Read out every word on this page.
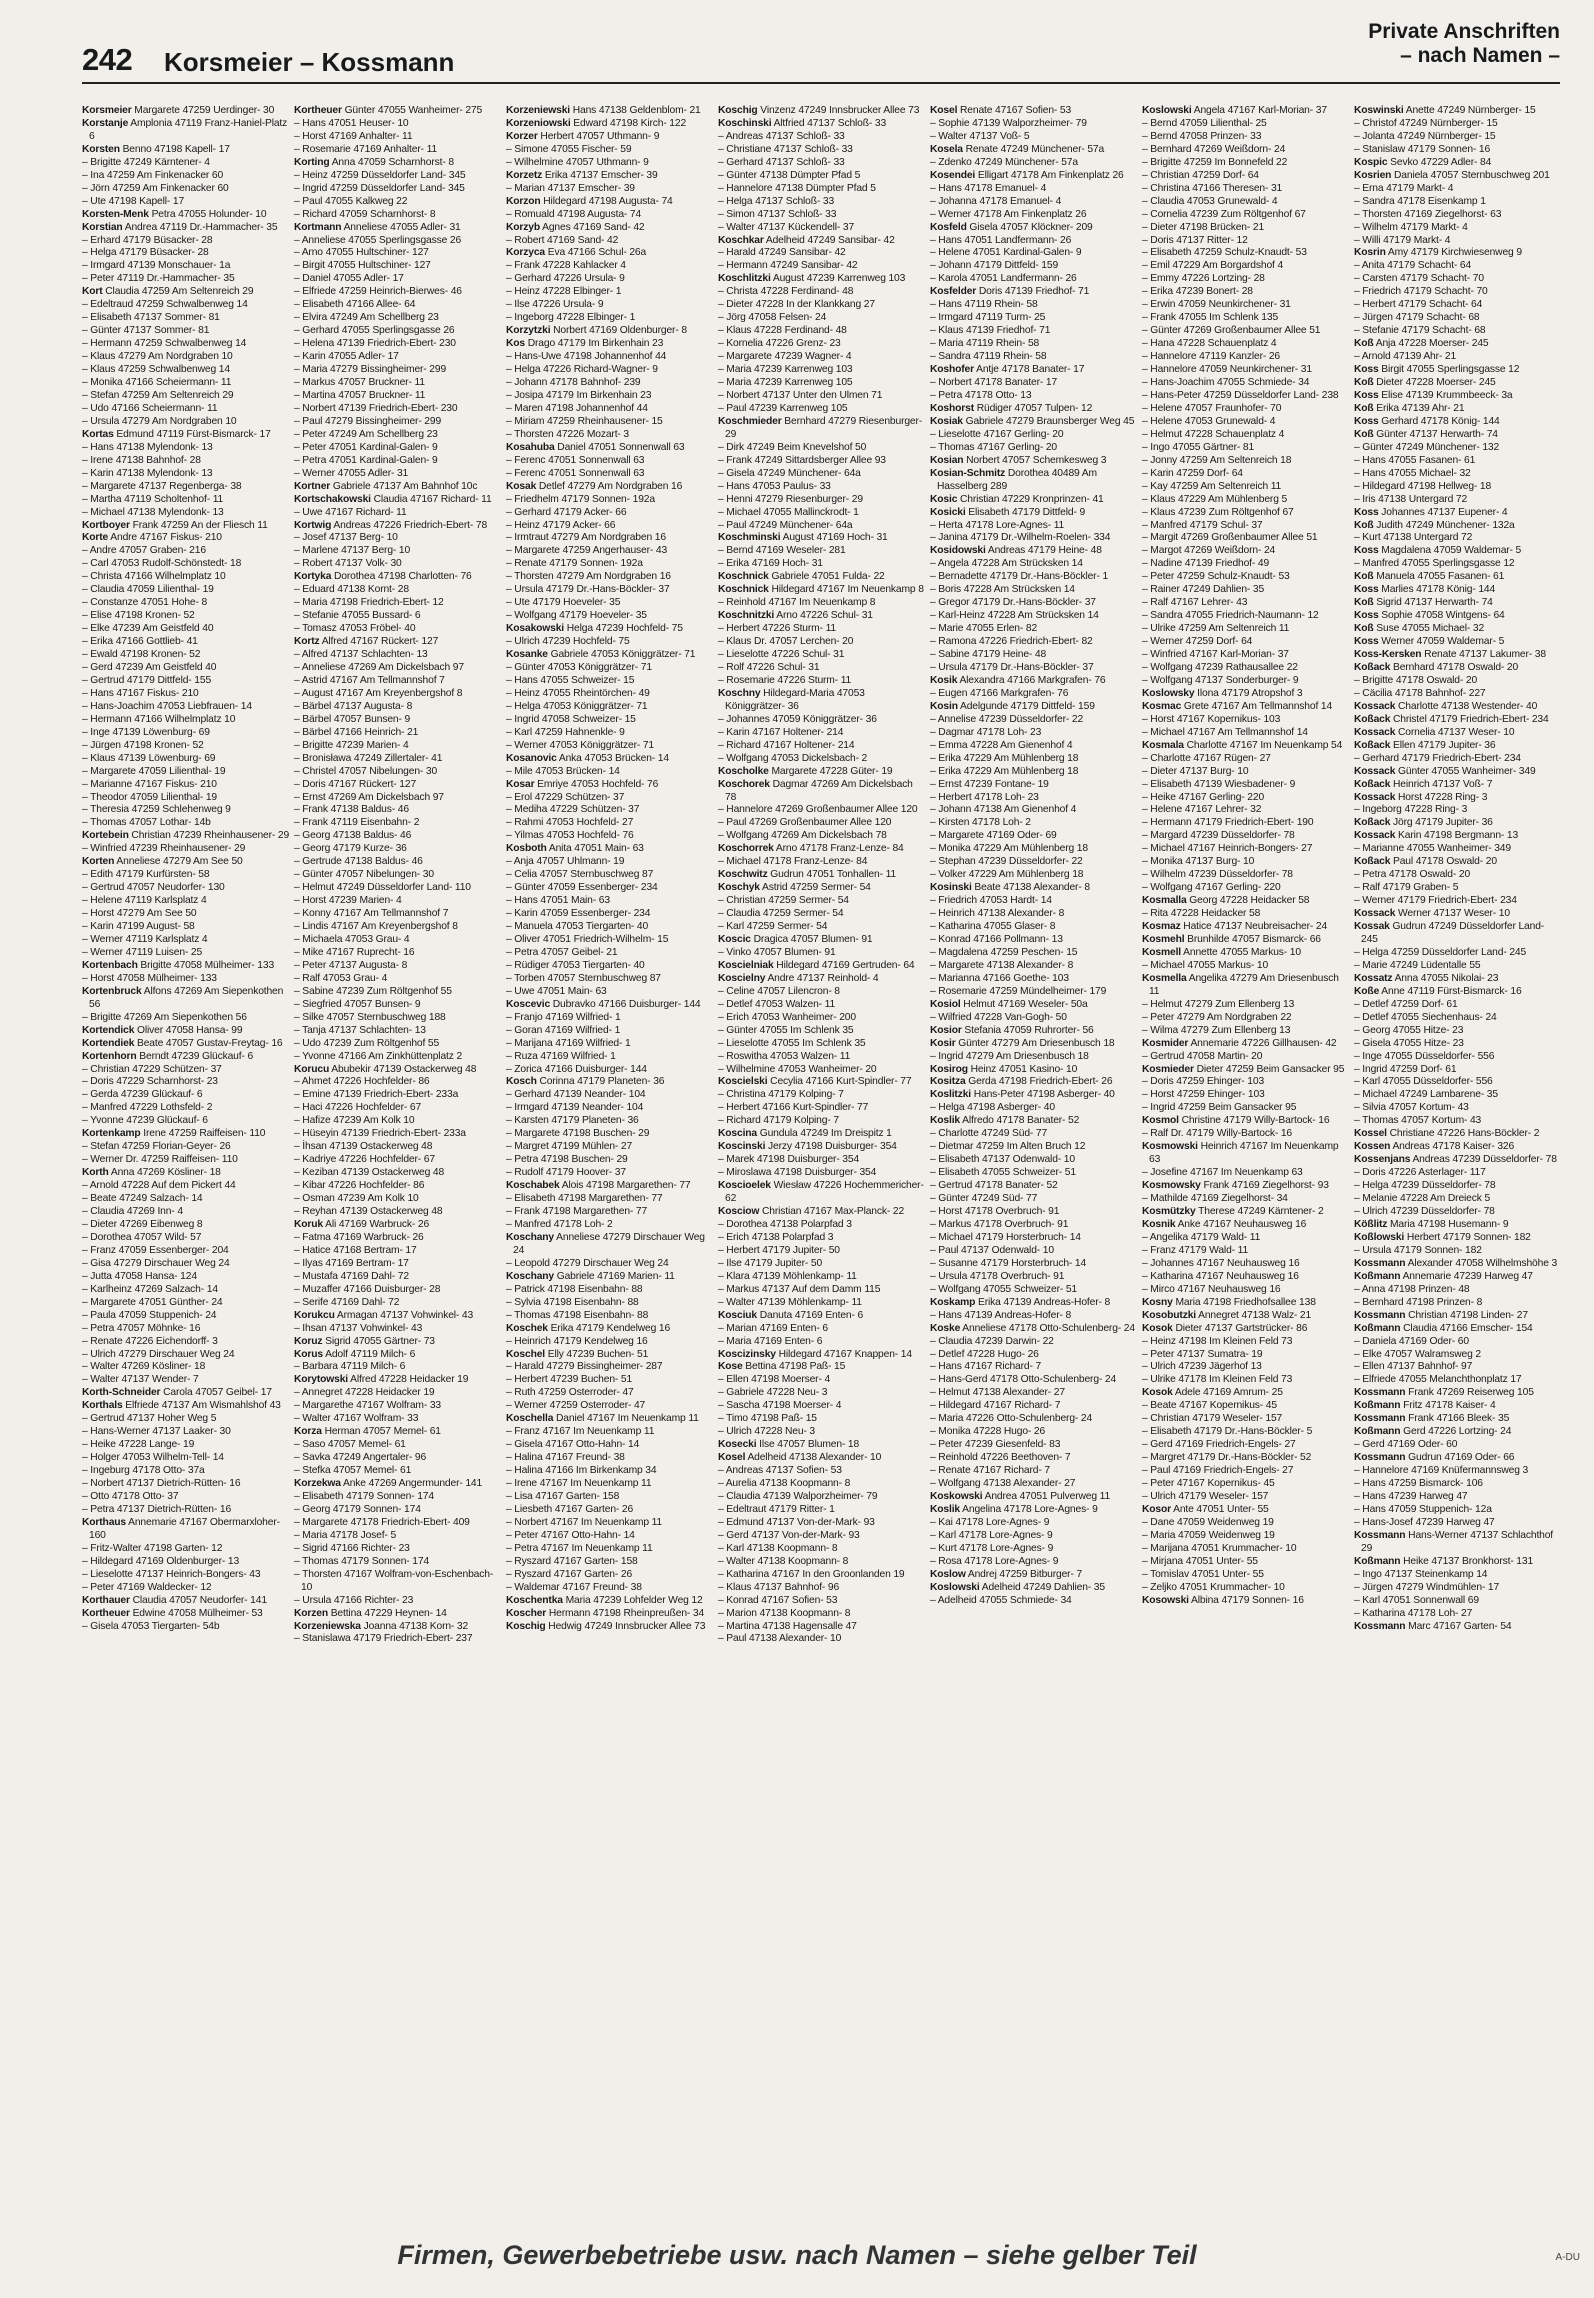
242 Korsmeier – Kossmann
Private Anschriften
– nach Namen –

Korsmeier Margarete 47259 Uerdinger- 30

Korstanje Amplonia 47119 Franz-Haniel-Platz 6

Korsten Benno 47198 Kapell- 17

– Brigitte 47249 Kärntener- 4

– Ina 47259 Am Finkenacker 60

– Jörn 47259 Am Finkenacker 60

– Ute 47198 Kapell- 17

Korsten-Menk Petra 47055 Holunder- 10

Korstian Andrea 47119 Dr.-Hammacher- 35

– Erhard 47179 Büsacker- 28

– Helga 47179 Büsacker- 28

– Irmgard 47139 Monschauer- 1a

– Peter 47119 Dr.-Hammacher- 35

Kort Claudia 47259 Am Seltenreich 29

– Edeltraud 47259 Schwalbenweg 14

– Elisabeth 47137 Sommer- 81

– Günter 47137 Sommer- 81

– Hermann 47259 Schwalbenweg 14

– Klaus 47279 Am Nordgraben 10

– Klaus 47259 Schwalbenweg 14

– Monika 47166 Scheiermann- 11

– Stefan 47259 Am Seltenreich 29

– Udo 47166 Scheiermann- 11

– Ursula 47279 Am Nordgraben 10

Kortas Edmund 47119 Fürst-Bismarck- 17

– Hans 47138 Mylendonk- 13

– Irene 47138 Bahnhof- 28

– Karin 47138 Mylendonk- 13

– Margarete 47137 Regenberga- 38

– Martha 47119 Scholtenhof- 11

– Michael 47138 Mylendonk- 13

Kortboyer Frank 47259 An der Fliesch 11

Korte Andre 47167 Fiskus- 210

– Andre 47057 Graben- 216

– Carl 47053 Rudolf-Schönstedt- 18

– Christa 47166 Wilhelmplatz 10

– Claudia 47059 Lilienthal- 19

– Constanze 47051 Hohe- 8

– Elise 47198 Kronen- 52

– Elke 47239 Am Geistfeld 40

– Erika 47166 Gottlieb- 41

– Ewald 47198 Kronen- 52

– Gerd 47239 Am Geistfeld 40

– Gertrud 47179 Dittfeld- 155

– Hans 47167 Fiskus- 210

– Hans-Joachim 47053 Liebfrauen- 14

– Hermann 47166 Wilhelmplatz 10

– Inge 47139 Löwenburg- 69

– Jürgen 47198 Kronen- 52

– Klaus 47139 Löwenburg- 69

– Margarete 47059 Lilienthal- 19

– Marianne 47167 Fiskus- 210

– Theodor 47059 Lilienthal- 19

– Theresia 47259 Schlehenweg 9

– Thomas 47057 Lothar- 14b

Kortebein Christian 47239 Rheinhausener- 29

– Winfried 47239 Rheinhausener- 29

Korten Anneliese 47279 Am See 50

– Edith 47179 Kurfürsten- 58

– Gertrud 47057 Neudorfer- 130

– Helene 47119 Karlsplatz 4

– Horst 47279 Am See 50

– Karin 47199 August- 58

– Werner 47119 Karlsplatz 4

– Werner 47119 Luisen- 25

Kortenbach Brigitte 47058 Mülheimer- 133

– Horst 47058 Mülheimer- 133

Kortenbruck Alfons 47269 Am Siepenkothen 56

– Brigitte 47269 Am Siepenkothen 56

Kortendick Oliver 47058 Hansa- 99

Kortendiek Beate 47057 Gustav-Freytag- 16

Kortenhorn Berndt 47239 Glückauf- 6

– Christian 47229 Schützen- 37

– Doris 47229 Scharnhorst- 23

– Gerda 47239 Glückauf- 6

– Manfred 47229 Lothsfeld- 2

– Yvonne 47239 Glückauf- 6

Kortenkamp Irene 47259 Raiffeisen- 110

– Stefan 47259 Florian-Geyer- 26

– Werner Dr. 47259 Raiffeisen- 110

Korth Anna 47269 Kösliner- 18

– Arnold 47228 Auf dem Pickert 44

– Beate 47249 Salzach- 14

– Claudia 47269 Inn- 4

– Dieter 47269 Eibenweg 8

– Dorothea 47057 Wild- 57

– Franz 47059 Essenberger- 204

– Gisa 47279 Dirschauer Weg 24

– Jutta 47058 Hansa- 124

– Karlheinz 47269 Salzach- 14

– Margarete 47051 Günther- 24

– Paula 47059 Stuppenich- 24

– Petra 47057 Möhnke- 16

– Renate 47226 Eichendorff- 3

– Ulrich 47279 Dirschauer Weg 24

– Walter 47269 Kösliner- 18

– Walter 47137 Wender- 7

Korth-Schneider Carola 47057 Geibel- 17

Korthals Elfriede 47137 Am Wismahlshof 43

– Gertrud 47137 Hoher Weg 5

– Hans-Werner 47137 Laaker- 30

– Heike 47228 Lange- 19

– Holger 47053 Wilhelm-Tell- 14

– Ingeburg 47178 Otto- 37a

– Norbert 47137 Dietrich-Rütten- 16

– Otto 47178 Otto- 37

– Petra 47137 Dietrich-Rütten- 16

Korthaus Annemarie 47167 Obermarxloher- 160

– Fritz-Walter 47198 Garten- 12

– Hildegard 47169 Oldenburger- 13

– Lieselotte 47137 Heinrich-Bongers- 43

– Peter 47169 Waldecker- 12

Korthauer Claudia 47057 Neudorfer- 141

Kortheuer Edwine 47058 Mülheimer- 53

– Gisela 47053 Tiergarten- 54b

Korthеuer Günter 47055 Wanheimer- 275

– Hans 47051 Heuser- 10

– Horst 47169 Anhalter- 11

– Rosemarie 47169 Anhalter- 11

Korting Anna 47059 Scharnhorst- 8

– Heinz 47259 Düsseldorfer Land- 345

– Ingrid 47259 Düsseldorfer Land- 345

– Paul 47055 Kalkweg 22

– Richard 47059 Scharnhorst- 8

Kortmann Anneliese 47055 Adler- 31

– Anneliese 47055 Sperlingsgasse 26

– Arno 47055 Hultschiner- 127

– Birgit 47055 Hultschiner- 127

– Daniel 47055 Adler- 17

– Elfriede 47259 Heinrich-Bierwes- 46

– Elisabeth 47166 Allee- 64

– Elvira 47249 Am Schellberg 23

– Gerhard 47055 Sperlingsgasse 26

– Helena 47139 Friedrich-Ebert- 230

– Karin 47055 Adler- 17

– Maria 47279 Bissingheimer- 299

– Markus 47057 Bruckner- 11

– Martina 47057 Bruckner- 11

– Norbert 47139 Friedrich-Ebert- 230

– Paul 47279 Bissingheimer- 299

– Peter 47249 Am Schellberg 23

– Peter 47051 Kardinal-Galen- 9

– Petra 47051 Kardinal-Galen- 9

– Werner 47055 Adler- 31

Kortner Gabriele 47137 Am Bahnhof 10c

Kortschakowski Claudia 47167 Richard- 11

– Uwe 47167 Richard- 11

Kortwig Andreas 47226 Friedrich-Ebert- 78

– Josef 47137 Berg- 10

– Marlene 47137 Berg- 10

– Robert 47137 Volk- 30

Kortyka Dorothea 47198 Charlotten- 76

– Eduard 47138 Kornt- 28

– Maria 47198 Friedrich-Ebert- 12

– Stefanie 47055 Bussard- 6

– Tomasz 47053 Fröbel- 40

Kortz Alfred 47167 Rückert- 127

– Alfred 47137 Schlachten- 13

– Anneliese 47269 Am Dickelsbach 97

– Astrid 47167 Am Tellmannshof 7

– August 47167 Am Kreyenbergshof 8

– Bärbel 47137 Augusta- 8

– Bärbel 47057 Bunsen- 9

– Bärbel 47166 Heinrich- 21

– Brigitte 47239 Marien- 4

– Bronisława 47249 Zillertaler- 41

– Christel 47057 Nibelungen- 30

– Doris 47167 Rückert- 127

– Ernst 47269 Am Dickelsbach 97

– Frank 47138 Baldus- 46

– Frank 47119 Eisenbahn- 2

– Georg 47138 Baldus- 46

– Georg 47179 Kurze- 36

– Gertrude 47138 Baldus- 46

– Günter 47057 Nibelungen- 30

– Helmut 47249 Düsseldorfer Land- 110

– Horst 47239 Marien- 4

– Konny 47167 Am Tellmannshof 7

– Lindis 47167 Am Kreyenbergshof 8

– Michaela 47053 Grau- 4

– Mike 47167 Ruprecht- 16

– Peter 47137 Augusta- 8

– Ralf 47053 Grau- 4

– Sabine 47239 Zum Röltgenhof 55

– Siegfried 47057 Bunsen- 9

– Silke 47057 Sternbuschweg 188

– Tanja 47137 Schlachten- 13

– Udo 47239 Zum Röltgenhof 55

– Yvonne 47166 Am Zinkhüttenplatz 2

Korucu Abubekir 47139 Ostackerweg 48

– Ahmet 47226 Hochfelder- 86

– Emine 47139 Friedrich-Ebert- 233a

– Haci 47226 Hochfelder- 67

– Hafize 47239 Am Kolk 10

– Hüseyin 47139 Friedrich-Ebert- 233a

– İhsan 47139 Ostackerweg 48

– Kadriye 47226 Hochfelder- 67

– Keziban 47139 Ostackerweg 48

– Kibar 47226 Hochfelder- 86

– Osman 47239 Am Kolk 10

– Reyhan 47139 Ostackerweg 48

Koruk Ali 47169 Warbruck- 26

– Fatma 47169 Warbruck- 26

– Hatice 47168 Bertram- 17

– Ilyas 47169 Bertram- 17

– Mustafa 47169 Dahl- 72

– Muzaffer 47166 Duisburger- 28

– Serife 47169 Dahl- 72

Korukcu Armagan 47137 Vohwinkel- 43

– Ihsan 47137 Vohwinkel- 43

Koruz Sigrid 47055 Gärtner- 73

Korus Adolf 47119 Milch- 6

– Barbara 47119 Milch- 6

Korytowski Alfred 47228 Heidacker 19

– Annegret 47228 Heidacker 19

– Margarethe 47167 Wolfram- 33

– Walter 47167 Wolfram- 33

Korza Herman 47057 Memel- 61

– Saso 47057 Memel- 61

– Savka 47249 Angertaler- 96

– Stefka 47057 Memel- 61

Korzekwa Anke 47269 Angermunder- 141

– Elisabeth 47179 Sonnen- 174

– Georg 47179 Sonnen- 174

– Margarete 47178 Friedrich-Ebert- 409

– Maria 47178 Josef- 5

– Sigrid 47166 Richter- 23

– Thomas 47179 Sonnen- 174

– Thorsten 47167 Wolfram-von-Eschenbach- 10

– Ursula 47166 Richter- 23

Korzen Bettina 47229 Heynen- 14

Korzeniewska Joanna 47138 Korn- 32

– Stanislawa 47179 Friedrich-Ebert- 237

Korzeniewski Hans 47138 Geldenblom- 21

Korzeniowski Edward 47198 Kirch- 122

Korzer Herbert 47057 Uthmann- 9

– Simone 47055 Fischer- 59

– Wilhelmine 47057 Uthmann- 9

Korzetz Erika 47137 Emscher- 39

– Marian 47137 Emscher- 39

Korzon Hildegard 47198 Augusta- 74

– Romuald 47198 Augusta- 74

Korzyb Agnes 47169 Sand- 42

– Robert 47169 Sand- 42

Korzyca Eva 47166 Schul- 26a

– Frank 47228 Kahlacker 4

– Gerhard 47226 Ursula- 9

– Heinz 47228 Elbinger- 1

– Ilse 47226 Ursula- 9

– Ingeborg 47228 Elbinger- 1

Korzytzki Norbert 47169 Oldenburger- 8

Kos Drago 47179 Im Birkenhain 23

– Hans-Uwe 47198 Johannenhof 44

– Helga 47226 Richard-Wagner- 9

– Johann 47178 Bahnhof- 239

– Josipa 47179 Im Birkenhain 23

– Maren 47198 Johannenhof 44

– Miriam 47259 Rheinhausener- 15

– Thorsten 47226 Mozart- 3

Kosahuba Daniel 47051 Sonnenwall 63

– Ferenc 47051 Sonnenwall 63

– Ferenc 47051 Sonnenwall 63

Kosak Detlef 47279 Am Nordgraben 16

– Friedhelm 47179 Sonnen- 192a

– Gerhard 47179 Acker- 66

– Heinz 47179 Acker- 66

– Irmtraut 47279 Am Nordgraben 16

– Margarete 47259 Angerhauser- 43

– Renate 47179 Sonnen- 192a

– Thorsten 47279 Am Nordgraben 16

– Ursula 47179 Dr.-Hans-Böckler- 37

– Ute 47179 Hoeveler- 35

– Wolfgang 47179 Hoeveler- 35

Kosakowski Helga 47239 Hochfeld- 75

– Ulrich 47239 Hochfeld- 75

Kosanke Gabriele 47053 Königgrätzer- 71

– Günter 47053 Königgrätzer- 71

– Hans 47055 Schweizer- 15

– Heinz 47055 Rheintörchen- 49

– Helga 47053 Königgrätzer- 71

– Ingrid 47058 Schweizer- 15

– Karl 47259 Hahnenkle- 9

– Werner 47053 Königgrätzer- 71

Kosanovic Anka 47053 Brücken- 14

– Mile 47053 Brücken- 14

Kosar Emriye 47053 Hochfeld- 76

– Erol 47229 Schützen- 37

– Mediha 47229 Schützen- 37

– Rahmi 47053 Hochfeld- 27

– Yilmas 47053 Hochfeld- 76

Kosboth Anita 47051 Main- 63

– Anja 47057 Uhlmann- 19

– Celia 47057 Sternbuschweg 87

– Günter 47059 Essenberger- 234

– Hans 47051 Main- 63

– Karin 47059 Essenberger- 234

– Manuela 47053 Tiergarten- 40

– Oliver 47051 Friedrich-Wilhelm- 15

– Petra 47057 Geibel- 21

– Rüdiger 47053 Tiergarten- 40

– Torben 47057 Sternbuschweg 87

– Uwe 47051 Main- 63

Koscevic Dubravko 47166 Duisburger- 144

– Franjo 47169 Wilfried- 1

– Goran 47169 Wilfried- 1

– Marijana 47169 Wilfried- 1

– Ruza 47169 Wilfried- 1

– Zorica 47166 Duisburger- 144

Kosch Corinna 47179 Planeten- 36

– Gerhard 47139 Neander- 104

– Irmgard 47139 Neander- 104

– Karsten 47179 Planeten- 36

– Margarete 47198 Buschen- 29

– Margret 47199 Mühlen- 27

– Petra 47198 Buschen- 29

– Rudolf 47179 Hoover- 37

Koschabek Alois 47198 Margarethen- 77

– Elisabeth 47198 Margarethen- 77

– Frank 47198 Margarethen- 77

– Manfred 47178 Loh- 2

Koschany Anneliese 47279 Dirschauer Weg 24

– Leopold 47279 Dirschauer Weg 24

Koschany Gabriele 47169 Marien- 11

– Patrick 47198 Eisenbahn- 88

– Sylvia 47198 Eisenbahn- 88

– Thomas 47198 Eisenbahn- 88

Koschek Erika 47179 Kendelweg 16

– Heinrich 47179 Kendelweg 16

Koschel Elly 47239 Buchen- 51

– Harald 47279 Bissingheimer- 287

– Herbert 47239 Buchen- 51

– Ruth 47259 Osterroder- 47

– Werner 47259 Osterroder- 47

Koschella Daniel 47167 Im Neuenkamp 11

– Franz 47167 Im Neuenkamp 11

– Gisela 47167 Otto-Hahn- 14

– Halina 47167 Freund- 38

– Halina 47166 Im Birkenkamp 34

– Irene 47167 Im Neuenkamp 11

– Lisa 47167 Garten- 158

– Liesbeth 47167 Garten- 26

– Norbert 47167 Im Neuenkamp 11

– Peter 47167 Otto-Hahn- 14

– Petra 47167 Im Neuenkamp 11

– Ryszard 47167 Garten- 158

– Ryszard 47167 Garten- 26

– Waldemar 47167 Freund- 38

Koschentka Maria 47239 Lohfelder Weg 12

Koscher Hermann 47198 Rheinpreußen- 34

Koschig Hedwig 47249 Innsbrucker Allee 73

Koschig Vinzenz 47249 Innsbrucker Allee 73

Koschinski Altfried 47137 Schloß- 33

– Andreas 47137 Schloß- 33

– Christiane 47137 Schloß- 33

– Gerhard 47137 Schloß- 33

– Günter 47138 Dümpter Pfad 5

– Hannelore 47138 Dümpter Pfad 5

– Helga 47137 Schloß- 33

– Simon 47137 Schloß- 33

– Walter 47137 Kückendell- 37

Koschkar Adelheid 47249 Sansibar- 42

– Harald 47249 Sansibar- 42

– Hermann 47249 Sansibar- 42

Koschlitzki August 47239 Karrenweg 103

– Christa 47228 Ferdinand- 48

– Dieter 47228 In der Klankkang 27

– Jörg 47058 Felsen- 24

– Klaus 47228 Ferdinand- 48

– Kornelia 47226 Grenz- 23

– Margarete 47239 Wagner- 4

– Maria 47239 Karrenweg 103

– Maria 47239 Karrenweg 105

– Norbert 47137 Unter den Ulmen 71

– Paul 47239 Karrenweg 105

Koschmieder Bernhard 47279 Riesenburger- 29

– Dirk 47249 Beim Knevelshof 50

– Frank 47249 Sittardsberger Allee 93

– Gisela 47249 Münchener- 64a

– Hans 47053 Paulus- 33

– Henni 47279 Riesenburger- 29

– Michael 47055 Mallinckrodt- 1

– Paul 47249 Münchener- 64a

Koschminski August 47169 Hoch- 31

– Bernd 47169 Weseler- 281

– Erika 47169 Hoch- 31

Koschnick Gabriele 47051 Fulda- 22

Koschnick Hildegard 47167 Im Neuenkamp 8

– Reinhold 47167 Im Neuenkamp 8

Koschnitzki Arno 47226 Schul- 31

– Herbert 47226 Sturm- 11

– Klaus Dr. 47057 Lerchen- 20

– Lieselotte 47226 Schul- 31

– Rolf 47226 Schul- 31

– Rosemarie 47226 Sturm- 11

Koschny Hildegard-Maria 47053 Königgrätzer- 36

– Johannes 47059 Königgrätzer- 36

– Karin 47167 Holtener- 214

– Richard 47167 Holtener- 214

– Wolfgang 47053 Dickelsbach- 2

Koscholke Margarete 47228 Güter- 19

Koschorek Dagmar 47269 Am Dickelsbach 78

– Hannelore 47269 Großenbaumer Allee 120

– Paul 47269 Großenbaumer Allee 120

– Wolfgang 47269 Am Dickelsbach 78

Koschorrek Arno 47178 Franz-Lenze- 84

– Michael 47178 Franz-Lenze- 84

Koschwitz Gudrun 47051 Tonhallen- 11

Koschyk Astrid 47259 Sermer- 54

– Christian 47259 Sermer- 54

– Claudia 47259 Sermer- 54

– Karl 47259 Sermer- 54

Koscic Dragica 47057 Blumen- 91

– Vinko 47057 Blumen- 91

Koscielniak Hildegard 47169 Gertruden- 64

Koscielny Andre 47137 Reinhold- 4

– Celine 47057 Lilencron- 8

– Detlef 47053 Walzen- 11

– Erich 47053 Wanheimer- 200

– Günter 47055 Im Schlenk 35

– Lieselotte 47055 Im Schlenk 35

– Roswitha 47053 Walzen- 11

– Wilhelmine 47053 Wanheimer- 20

Koscielski Cecylia 47166 Kurt-Spindler- 77

– Christina 47179 Kolping- 7

– Herbert 47166 Kurt-Spindler- 77

– Richard 47179 Kolping- 7

Koscina Gundula 47249 Im Dreispitz 1

Koscinski Jerzy 47198 Duisburger- 354

– Marek 47198 Duisburger- 354

– Miroslawa 47198 Duisburger- 354

Koscioelek Wiesław 47226 Hochemmericher- 62

Kosciow Christian 47167 Max-Planck- 22

– Dorothea 47138 Polarpfad 3

– Erich 47138 Polarpfad 3

– Herbert 47179 Jupiter- 50

– Ilse 47179 Jupiter- 50

– Klara 47139 Möhlenkamp- 11

– Markus 47137 Auf dem Damm 115

– Walter 47139 Möhlenkamp- 11

Kosciuk Danuta 47169 Enten- 6

– Marian 47169 Enten- 6

– Maria 47169 Enten- 6

Koscizinsky Hildegard 47167 Knappen- 14

Kose Bettina 47198 Paß- 15

– Ellen 47198 Moerser- 4

– Gabriele 47228 Neu- 3

– Sascha 47198 Moerser- 4

– Timo 47198 Paß- 15

– Ulrich 47228 Neu- 3

Kosecki Ilse 47057 Blumen- 18

Kosel Adelheid 47138 Alexander- 10

– Andreas 47137 Sofien- 53

– Aurelia 47138 Koopmann- 8

– Claudia 47139 Walporzheimer- 79

– Edeltraut 47179 Ritter- 1

– Edmund 47137 Von-der-Mark- 93

– Gerd 47137 Von-der-Mark- 93

– Karl 47138 Koopmann- 8

– Walter 47138 Koopmann- 8

– Katharina 47167 In den Groonlanden 19

– Klaus 47137 Bahnhof- 96

– Konrad 47167 Sofien- 53

– Marion 47138 Koopmann- 8

– Martina 47138 Hagensalle 47

– Paul 47138 Alexander- 10

Kosel Renate 47167 Sofien- 53

– Sophie 47139 Walporzheimer- 79

– Walter 47137 Voß- 5

Kosela Renate 47249 Münchener- 57a

– Zdenko 47249 Münchener- 57a

Kosendei Elligart 47178 Am Finkenplatz 26

– Hans 47178 Emanuel- 4

– Johanna 47178 Emanuel- 4

– Werner 47178 Am Finkenplatz 26

Kosfeld Gisela 47057 Klöckner- 209

– Hans 47051 Landfermann- 26

– Helene 47051 Kardinal-Galen- 9

– Johann 47179 Dittfeld- 159

– Karola 47051 Landfermann- 26

Kosfelder Doris 47139 Friedhof- 71

– Hans 47119 Rhein- 58

– Irmgard 47119 Turm- 25

– Klaus 47139 Friedhof- 71

– Maria 47119 Rhein- 58

– Sandra 47119 Rhein- 58

Koshofer Antje 47178 Banater- 17

– Norbert 47178 Banater- 17

– Petra 47178 Otto- 13

Koshorst Rüdiger 47057 Tulpen- 12

Kosiak Gabriele 47279 Braunsberger Weg 45

– Lieselotte 47167 Gerling- 20

– Thomas 47167 Gerling- 20

Kosian Norbert 47057 Schemkesweg 3

Kosian-Schmitz Dorothea 40489 Am Hasselberg 289

Kosic Christian 47229 Kronprinzen- 41

Kosicki Elisabeth 47179 Dittfeld- 9

– Herta 47178 Lore-Agnes- 11

– Janina 47179 Dr.-Wilhelm-Roelen- 334

Kosidowski Andreas 47179 Heine- 48

– Angela 47228 Am Strücksken 14

– Bernadette 47179 Dr.-Hans-Böckler- 1

– Boris 47228 Am Strücksken 14

– Gregor 47179 Dr.-Hans-Böckler- 37

– Karl-Heinz 47228 Am Strücksken 14

– Marie 47055 Erlen- 82

– Ramona 47226 Friedrich-Ebert- 82

– Sabine 47179 Heine- 48

– Ursula 47179 Dr.-Hans-Böckler- 37

Kosik Alexandra 47166 Markgrafen- 76

– Eugen 47166 Markgrafen- 76

Kosin Adelgunde 47179 Dittfeld- 159

– Annelise 47239 Düsseldorfer- 22

– Dagmar 47178 Loh- 23

– Emma 47228 Am Gienenhof 4

– Erika 47229 Am Mühlenberg 18

– Erika 47229 Am Mühlenberg 18

– Ernst 47239 Fontane- 19

– Herbert 47178 Loh- 23

– Johann 47138 Am Gienenhof 4

– Kirsten 47178 Loh- 2

– Margarete 47169 Oder- 69

– Monika 47229 Am Mühlenberg 18

– Stephan 47239 Düsseldorfer- 22

– Volker 47229 Am Mühlenberg 18

Kosinski Beate 47138 Alexander- 8

– Friedrich 47053 Hardt- 14

– Heinrich 47138 Alexander- 8

– Katharina 47055 Glaser- 8

– Konrad 47166 Pollmann- 13

– Magdalena 47259 Peschen- 15

– Margarete 47138 Alexander- 8

– Marianna 47166 Goethe- 103

– Rosemarie 47259 Mündelheimer- 179

Kosiol Helmut 47169 Weseler- 50a

– Wilfried 47228 Van-Gogh- 50

Kosior Stefania 47059 Ruhrorter- 56

Kosir Günter 47279 Am Driesenbusch 18

– Ingrid 47279 Am Driesenbusch 18

Kosirog Heinz 47051 Kasino- 10

Kositza Gerda 47198 Friedrich-Ebert- 26

Koslitzki Hans-Peter 47198 Asberger- 40

– Helga 47198 Asberger- 40

Koslik Alfredo 47178 Banater- 52

– Charlotte 47249 Süd- 77

– Dietmar 47259 Im Alten Bruch 12

– Elisabeth 47137 Odenwald- 10

– Elisabeth 47055 Schweizer- 51

– Gertrud 47178 Banater- 52

– Günter 47249 Süd- 77

– Horst 47178 Overbruch- 91

– Markus 47178 Overbruch- 91

– Michael 47179 Horsterbruch- 14

– Paul 47137 Odenwald- 10

– Susanne 47179 Horsterbruch- 14

– Ursula 47178 Overbruch- 91

– Wolfgang 47055 Schweizer- 51

Koskamp Erika 47139 Andreas-Hofer- 8

– Hans 47139 Andreas-Hofer- 8

Koske Anneliese 47178 Otto-Schulenberg- 24

– Claudia 47239 Darwin- 22

– Detlef 47228 Hugo- 26

– Hans 47167 Richard- 7

– Hans-Gerd 47178 Otto-Schulenberg- 24

– Helmut 47138 Alexander- 27

– Hildegard 47167 Richard- 7

– Maria 47226 Otto-Schulenberg- 24

– Monika 47228 Hugo- 26

– Peter 47239 Giesenfeld- 83

– Reinhold 47226 Beethoven- 7

– Renate 47167 Richard- 7

– Wolfgang 47138 Alexander- 27

Koskowski Andrea 47051 Pulverweg 11

Koslik Angelina 47178 Lore-Agnes- 9

– Kai 47178 Lore-Agnes- 9

– Karl 47178 Lore-Agnes- 9

– Kurt 47178 Lore-Agnes- 9

– Rosa 47178 Lore-Agnes- 9

Koslow Andrej 47259 Bitburger- 7

Koslowski Adelheid 47249 Dahlien- 35

– Adelheid 47055 Schmiede- 34

Koslowski Angela 47167 Karl-Morian- 37

– Bernd 47059 Lilienthal- 25

– Bernd 47058 Prinzen- 33

– Bernhard 47269 Weißdorn- 24

– Brigitte 47259 Im Bonnefeld 22

– Christian 47259 Dorf- 64

– Christina 47166 Theresen- 31

– Claudia 47053 Grunewald- 4

– Cornelia 47239 Zum Röltgenhof 67

– Dieter 47198 Brücken- 21

– Doris 47137 Ritter- 12

– Elisabeth 47259 Schulz-Knaudt- 53

– Emil 47229 Am Borgardshof 4

– Emmy 47226 Lortzing- 28

– Erika 47239 Bonert- 28

– Erwin 47059 Neunkirchener- 31

– Frank 47055 Im Schlenk 135

– Günter 47269 Großenbaumer Allee 51

– Hana 47228 Schauenplatz 4

– Hannelore 47119 Kanzler- 26

– Hannelore 47059 Neunkirchener- 31

– Hans-Joachim 47055 Schmiede- 34

– Hans-Peter 47259 Düsseldorfer Land- 238

– Helene 47057 Fraunhofer- 70

– Helene 47053 Grunewald- 4

– Helmut 47228 Schauenplatz 4

– Ingo 47055 Gärtner- 81

– Jonny 47259 Am Seltenreich 18

– Karin 47259 Dorf- 64

– Kay 47259 Am Seltenreich 11

– Klaus 47229 Am Mühlenberg 5

– Klaus 47239 Zum Röltgenhof 67

– Manfred 47179 Schul- 37

– Margit 47269 Großenbaumer Allee 51

– Margot 47269 Weißdorn- 24

– Nadine 47139 Friedhof- 49

– Peter 47259 Schulz-Knaudt- 53

– Rainer 47249 Dahlien- 35

– Ralf 47167 Lehrer- 43

– Sandra 47055 Friedrich-Naumann- 12

– Ulrike 47259 Am Seltenreich 11

– Werner 47259 Dorf- 64

– Winfried 47167 Karl-Morian- 37

– Wolfgang 47239 Rathausallee 22

– Wolfgang 47137 Sonderburger- 9

Koslowsky Ilona 47179 Atropshof 3

Kosmac Grete 47167 Am Tellmannshof 14

– Horst 47167 Kopernikus- 103

– Michael 47167 Am Tellmannshof 14

Kosmala Charlotte 47167 Im Neuenkamp 54

– Charlotte 47167 Rügen- 27

– Dieter 47137 Burg- 10

– Elisabeth 47139 Wiesbadener- 9

– Heike 47167 Gerling- 220

– Helene 47167 Lehrer- 32

– Hermann 47179 Friedrich-Ebert- 190

– Margard 47239 Düsseldorfer- 78

– Michael 47167 Heinrich-Bongers- 27

– Monika 47137 Burg- 10

– Wilhelm 47239 Düsseldorfer- 78

– Wolfgang 47167 Gerling- 220

Kosmalla Georg 47228 Heidacker 58

– Rita 47228 Heidacker 58

Kosmaz Hatice 47137 Neubreisacher- 24

Kosmehl Brunhilde 47057 Bismarck- 66

Kosmell Annette 47055 Markus- 10

– Michael 47055 Markus- 10

Kosmella Angelika 47279 Am Driesenbusch 11

– Helmut 47279 Zum Ellenberg 13

– Peter 47279 Am Nordgraben 22

– Wilma 47279 Zum Ellenberg 13

Kosmider Annemarie 47226 Gillhausen- 42

– Gertrud 47058 Martin- 20

Kosmieder Dieter 47259 Beim Gansacker 95

– Doris 47259 Ehinger- 103

– Horst 47259 Ehinger- 103

– Ingrid 47259 Beim Gansacker 95

Kosmol Christine 47179 Willy-Bartock- 16

– Ralf Dr. 47179 Willy-Bartock- 16

Kosmowski Heinrich 47167 Im Neuenkamp 63

– Josefine 47167 Im Neuenkamp 63

Kosmowsky Frank 47169 Ziegelhorst- 93

– Mathilde 47169 Ziegelhorst- 34

Kosmützky Therese 47249 Kärntener- 2

Kosnik Anke 47167 Neuhausweg 16

– Angelika 47179 Wald- 11

– Franz 47179 Wald- 11

– Johannes 47167 Neuhausweg 16

– Katharina 47167 Neuhausweg 16

– Mirco 47167 Neuhausweg 16

Kosny Maria 47198 Friedhofsallee 138

Kosobutzki Annegret 47138 Walz- 21

Kosok Dieter 47137 Gartstrücker- 86

– Heinz 47198 Im Kleinen Feld 73

– Peter 47137 Sumatra- 19

– Ulrich 47239 Jägerhof 13

– Ulrike 47178 Im Kleinen Feld 73

Kosok Adele 47169 Amrum- 25

– Beate 47167 Kopernikus- 45

– Christian 47179 Weseler- 157

– Elisabeth 47179 Dr.-Hans-Böckler- 5

– Gerd 47169 Friedrich-Engels- 27

– Margret 47179 Dr.-Hans-Böckler- 52

– Paul 47169 Friedrich-Engels- 27

– Peter 47167 Kopernikus- 45

– Ulrich 47179 Weseler- 157

Kosor Ante 47051 Unter- 55

– Dane 47059 Weidenweg 19

– Maria 47059 Weidenweg 19

– Marijana 47051 Krummacher- 10

– Mirjana 47051 Unter- 55

– Tomislav 47051 Unter- 55

– Zeljko 47051 Krummacher- 10

Kosowski Albina 47179 Sonnen- 16

Koswinski Anette 47249 Nürnberger- 15

– Christof 47249 Nürnberger- 15

– Jolanta 47249 Nürnberger- 15

– Stanislaw 47179 Sonnen- 16

Kospic Sevko 47229 Adler- 84

Kosrien Daniela 47057 Sternbuschweg 201

– Erna 47179 Markt- 4

– Sandra 47178 Eisenkamp 1

– Thorsten 47169 Ziegelhorst- 63

– Wilhelm 47179 Markt- 4

– Willi 47179 Markt- 4

Kosrin Amy 47179 Kirchwiesenweg 9

– Anita 47179 Schacht- 64

– Carsten 47179 Schacht- 70

– Friedrich 47179 Schacht- 70

– Herbert 47179 Schacht- 64

– Jürgen 47179 Schacht- 68

– Stefanie 47179 Schacht- 68

Koß Anja 47228 Moerser- 245

– Arnold 47139 Ahr- 21

Koss Birgit 47055 Sperlingsgasse 12

Koß Dieter 47228 Moerser- 245

Koss Elise 47139 Krummbeeck- 3a

Koß Erika 47139 Ahr- 21

Koss Gerhard 47178 König- 144

Koß Günter 47137 Herwarth- 74

– Günter 47249 Münchener- 132

– Hans 47055 Fasanen- 61

– Hans 47055 Michael- 32

– Hildegard 47198 Hellweg- 18

– Iris 47138 Untergard 72

Koss Johannes 47137 Eupener- 4

Koß Judith 47249 Münchener- 132a

– Kurt 47138 Untergard 72

Koss Magdalena 47059 Waldemar- 5

– Manfred 47055 Sperlingsgasse 12

Koß Manuela 47055 Fasanen- 61

Koss Marlies 47178 König- 144

Koß Sigrid 47137 Herwarth- 74

Koss Sophie 47058 Wintgens- 64

Koß Suse 47055 Michael- 32

Koss Werner 47059 Waldemar- 5

Koss-Kersken Renate 47137 Lakumer- 38

Koßack Bernhard 47178 Oswald- 20

– Brigitte 47178 Oswald- 20

– Cäcilia 47178 Bahnhof- 227

Kossack Charlotte 47138 Westender- 40

Koßack Christel 47179 Friedrich-Ebert- 234

Kossack Cornelia 47137 Weser- 10

Koßack Ellen 47179 Jupiter- 36

– Gerhard 47179 Friedrich-Ebert- 234

Kossack Günter 47055 Wanheimer- 349

Koßack Heinrich 47137 Voß- 7

Kossack Horst 47228 Ring- 3

– Ingeborg 47228 Ring- 3

Koßack Jörg 47179 Jupiter- 36

Kossack Karin 47198 Bergmann- 13

– Marianne 47055 Wanheimer- 349

Koßack Paul 47178 Oswald- 20

– Petra 47178 Oswald- 20

– Ralf 47179 Graben- 5

– Werner 47179 Friedrich-Ebert- 234

Kossack Werner 47137 Weser- 10

Kossak Gudrun 47249 Düsseldorfer Land- 245

– Helga 47259 Düsseldorfer Land- 245

– Marie 47249 Lüdentalle 55

Kossatz Anna 47055 Nikolai- 23

Koße Anne 47119 Fürst-Bismarck- 16

– Detlef 47259 Dorf- 61

– Detlef 47055 Siechenhaus- 24

– Georg 47055 Hitze- 23

– Gisela 47055 Hitze- 23

– Inge 47055 Düsseldorfer- 556

– Ingrid 47259 Dorf- 61

– Karl 47055 Düsseldorfer- 556

– Michael 47249 Lambarene- 35

– Silvia 47057 Kortum- 43

– Thomas 47057 Kortum- 43

Kossel Christiane 47226 Hans-Böckler- 2

Kossen Andreas 47178 Kaiser- 326

Kossenjans Andreas 47239 Düsseldorfer- 78

– Doris 47226 Asterlager- 117

– Helga 47239 Düsseldorfer- 78

– Melanie 47228 Am Dreieck 5

– Ulrich 47239 Düsseldorfer- 78

Kößlitz Maria 47198 Husemann- 9

Koßlowski Herbert 47179 Sonnen- 182

– Ursula 47179 Sonnen- 182

Kossmann Alexander 47058 Wilhelmshöhe 3

Koßmann Annemarie 47239 Harweg 47

– Anna 47198 Prinzen- 48

– Bernhard 47198 Prinzen- 8

Kossmann Christian 47198 Linden- 27

Koßmann Claudia 47166 Emscher- 154

– Daniela 47169 Oder- 60

– Elke 47057 Walramsweg 2

– Ellen 47137 Bahnhof- 97

– Elfriede 47055 Melanchthonplatz 17

Kossmann Frank 47269 Reiserweg 105

Koßmann Fritz 47178 Kaiser- 4

Kossmann Frank 47166 Bleek- 35

Koßmann Gerd 47226 Lortzing- 24

– Gerd 47169 Oder- 60

Kossmann Gudrun 47169 Oder- 66

– Hannelore 47169 Knüfermannsweg 3

– Hans 47259 Bismarck- 106

– Hans 47239 Harweg 47

– Hans 47059 Stuppenich- 12a

– Hans-Josef 47239 Harweg 47

Kossmann Hans-Werner 47137 Schlachthof 29

Koßmann Heike 47137 Bronkhorst- 131

– Ingo 47137 Steinenkamp 14

– Jürgen 47279 Windmühlen- 17

– Karl 47051 Sonnenwall 69

– Katharina 47178 Loh- 27

Kossmann Marc 47167 Garten- 54

Firmen, Gewerbebetriebe usw. nach Namen – siehe gelber Teil	A-DU
